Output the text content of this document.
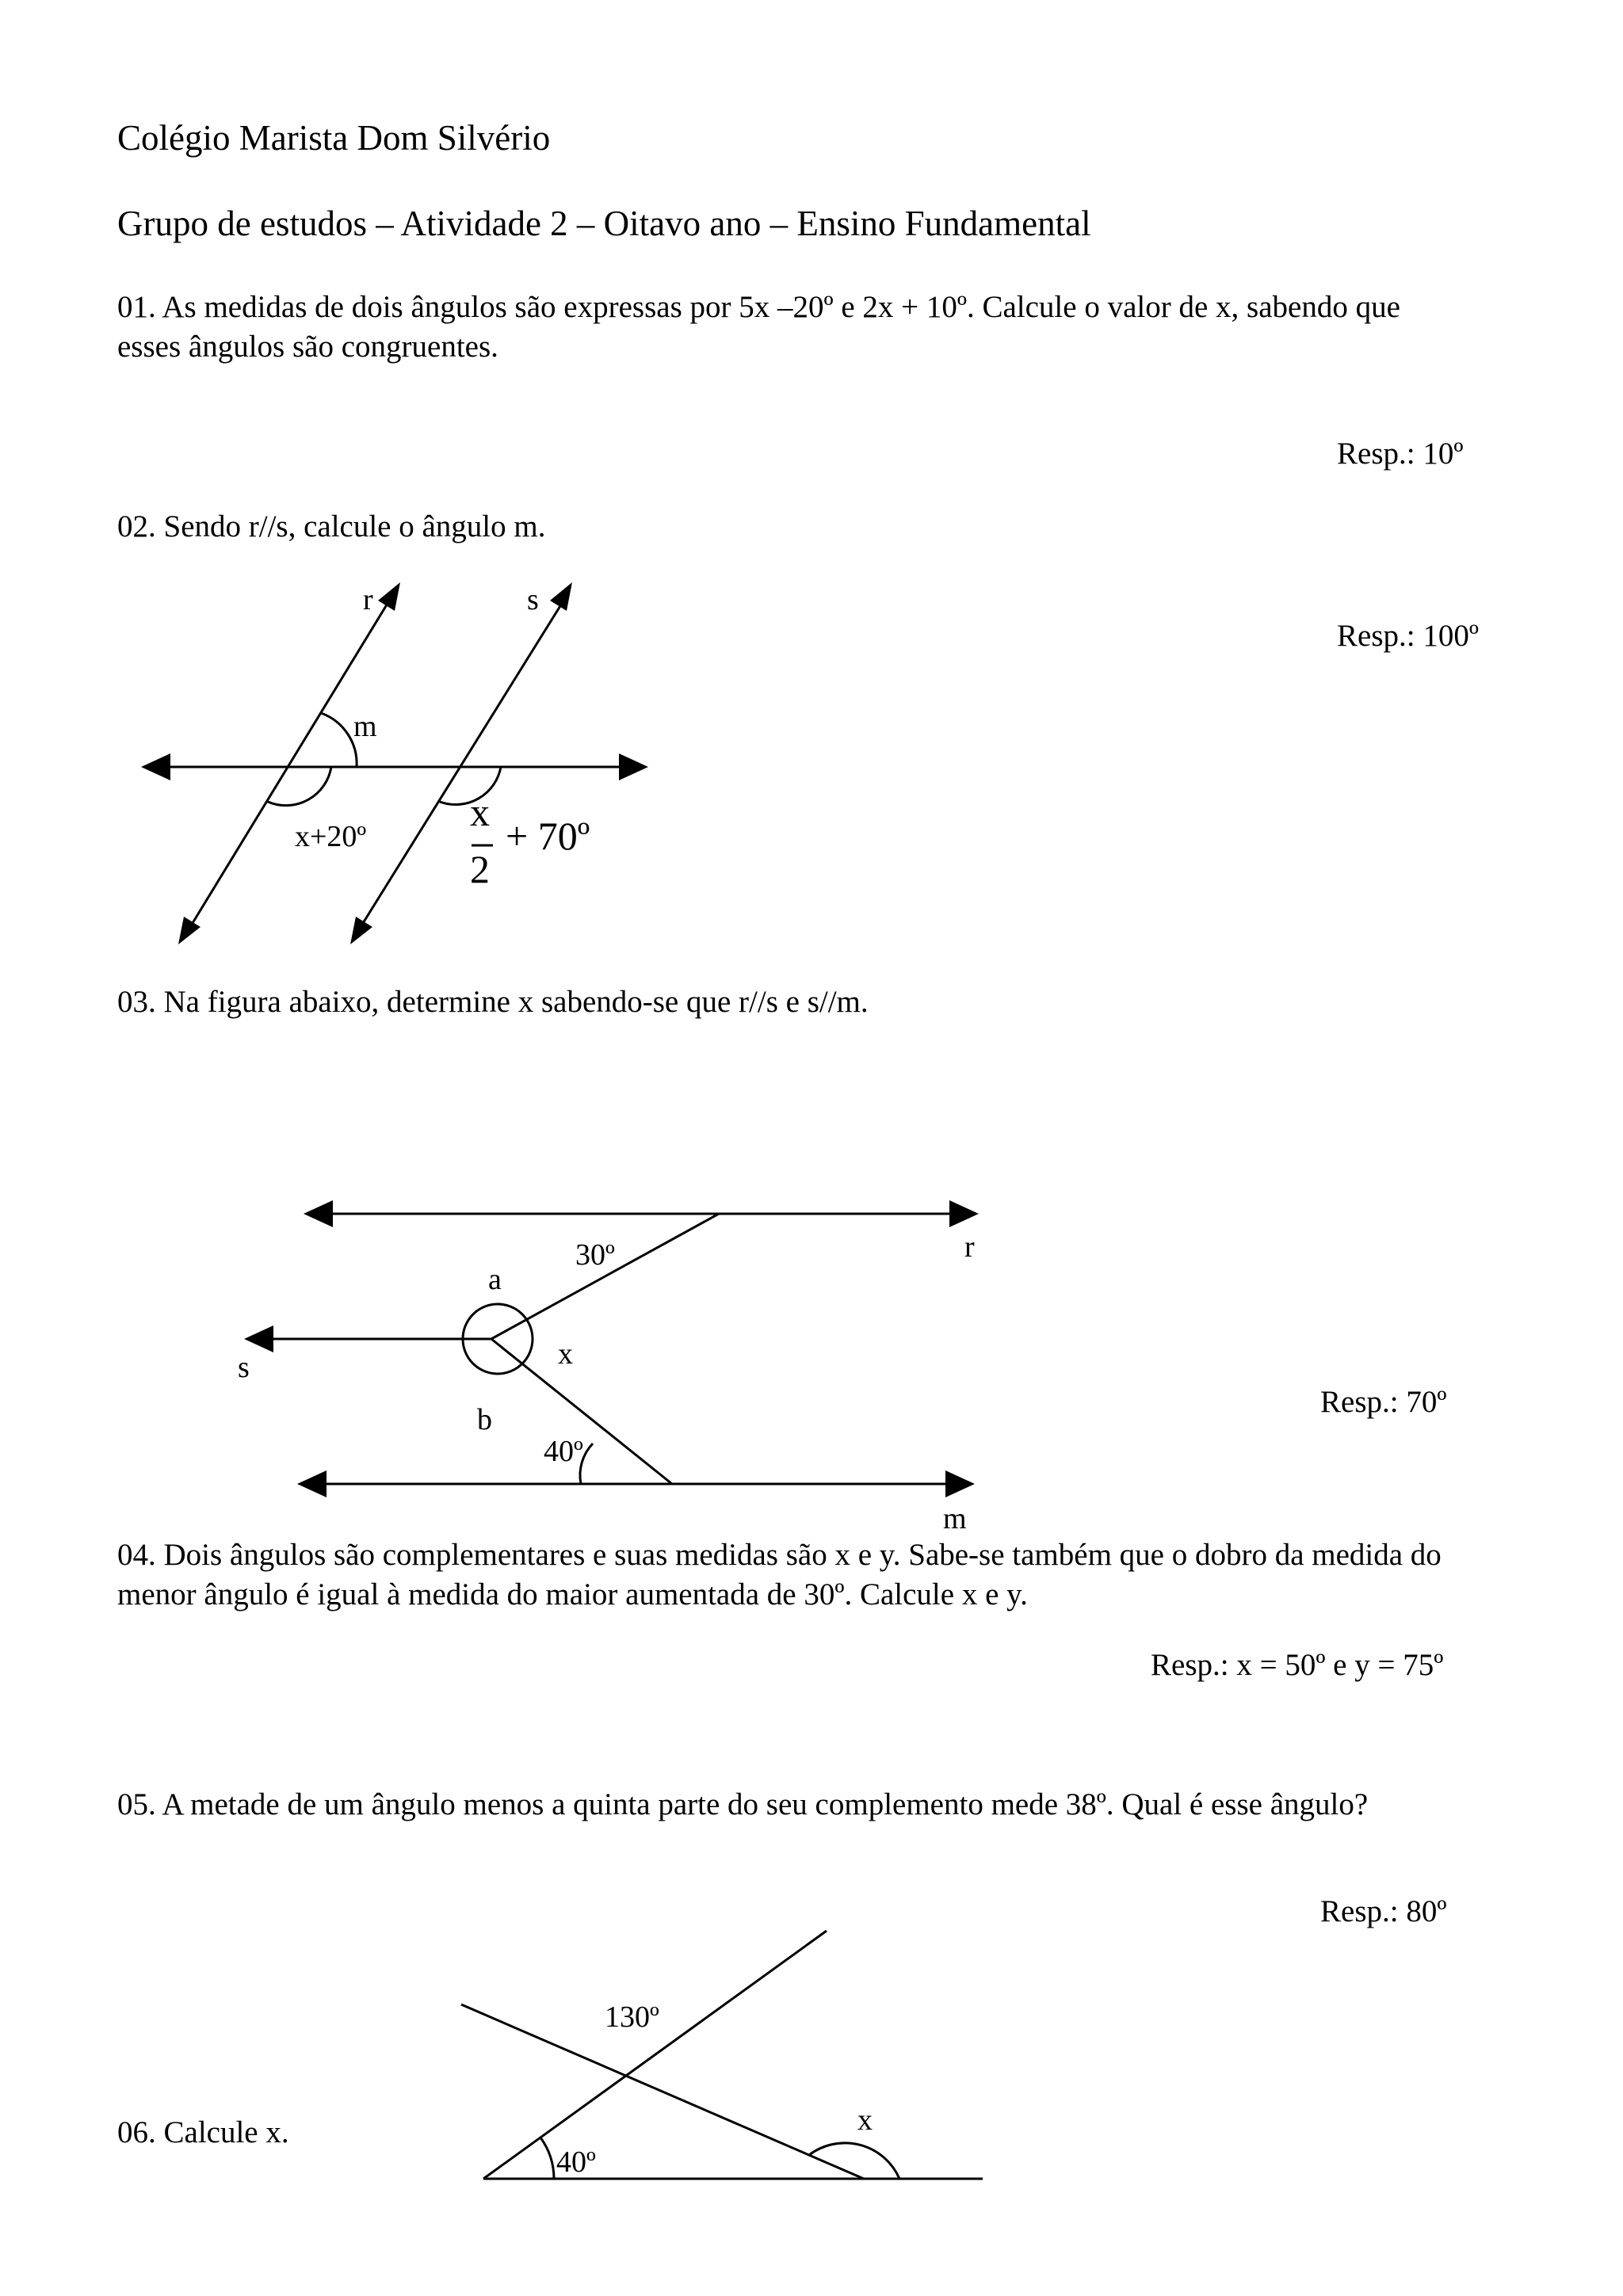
Colégio Marista Dom Silvério
Grupo de estudos – Atividade 2 – Oitavo ano – Ensino Fundamental
01. As medidas de dois ângulos são expressas por 5x –20º e 2x + 10º. Calcule o valor de x, sabendo que
esses ângulos são congruentes.
Resp.: 10º
02. Sendo r//s, calcule o ângulo m.
Resp.: 100º
r	s
m
x+20º
x
2
+ 70º
03. Na figura abaixo, determine x sabendo-se que r//s e s//m.
Resp.: 70º
30º
a
r
s	x
b
40º
m
04. Dois ângulos são complementares e suas medidas são x e y. Sabe-se também que o dobro da medida do
menor ângulo é igual à medida do maior aumentada de 30º. Calcule x e y.
Resp.: x = 50º e y = 75º
05. A metade de um ângulo menos a quinta parte do seu complemento mede 38º. Qual é esse ângulo?
Resp.: 80º
06. Calcule x.
130º
x
40º
